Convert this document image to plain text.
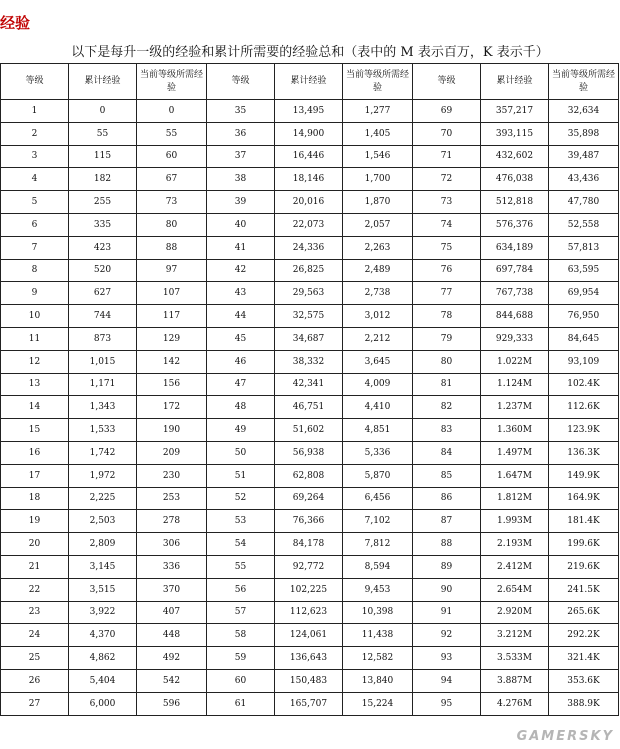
经验
以下是每升一级的经验和累计所需要的经验总和（表中的 M 表示百万，K 表示千）
等级	累计经验	当前等级所需经验	等级	累计经验	当前等级所需经验	等级	累计经验	当前等级所需经验
1	0	0	35	13,495	1,277	69	357,217	32,634
2	55	55	36	14,900	1,405	70	393,115	35,898
3	115	60	37	16,446	1,546	71	432,602	39,487
4	182	67	38	18,146	1,700	72	476,038	43,436
5	255	73	39	20,016	1,870	73	512,818	47,780
6	335	80	40	22,073	2,057	74	576,376	52,558
7	423	88	41	24,336	2,263	75	634,189	57,813
8	520	97	42	26,825	2,489	76	697,784	63,595
9	627	107	43	29,563	2,738	77	767,738	69,954
10	744	117	44	32,575	3,012	78	844,688	76,950
11	873	129	45	34,687	2,212	79	929,333	84,645
12	1,015	142	46	38,332	3,645	80	1.022M	93,109
13	1,171	156	47	42,341	4,009	81	1.124M	102.4K
14	1,343	172	48	46,751	4,410	82	1.237M	112.6K
15	1,533	190	49	51,602	4,851	83	1.360M	123.9K
16	1,742	209	50	56,938	5,336	84	1.497M	136.3K
17	1,972	230	51	62,808	5,870	85	1.647M	149.9K
18	2,225	253	52	69,264	6,456	86	1.812M	164.9K
19	2,503	278	53	76,366	7,102	87	1.993M	181.4K
20	2,809	306	54	84,178	7,812	88	2.193M	199.6K
21	3,145	336	55	92,772	8,594	89	2.412M	219.6K
22	3,515	370	56	102,225	9,453	90	2.654M	241.5K
23	3,922	407	57	112,623	10,398	91	2.920M	265.6K
24	4,370	448	58	124,061	11,438	92	3.212M	292.2K
25	4,862	492	59	136,643	12,582	93	3.533M	321.4K
26	5,404	542	60	150,483	13,840	94	3.887M	353.6K
27	6,000	596	61	165,707	15,224	95	4.276M	388.9K
GAMERSKY
